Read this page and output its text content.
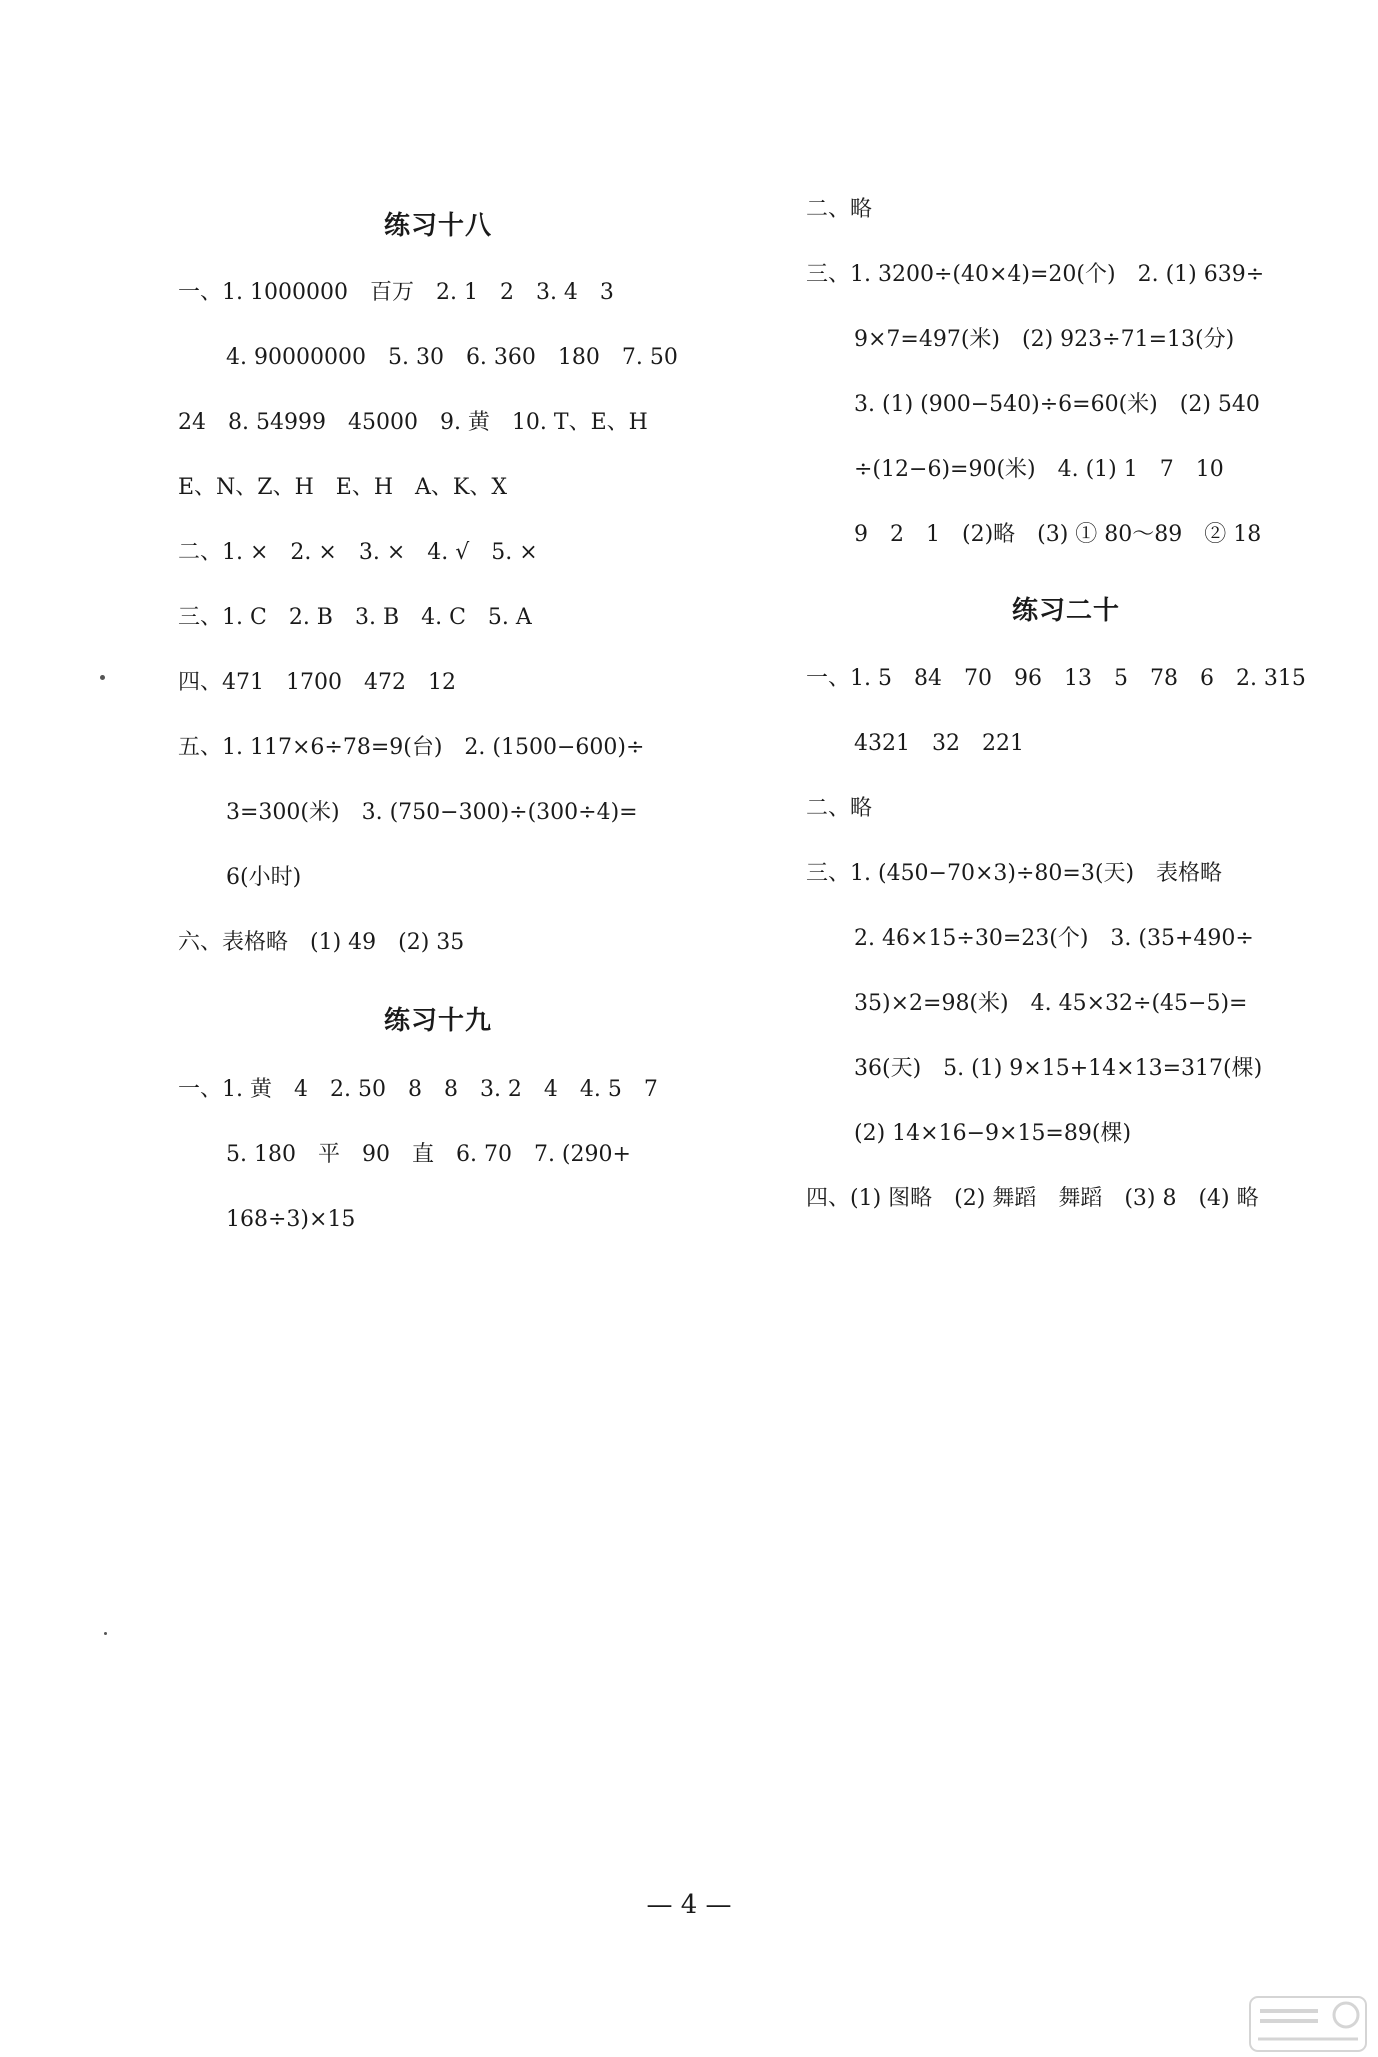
练习十八
一、1. 1000000　百万　2. 1　2　3. 4　3
4. 90000000　5. 30　6. 360　180　7. 50
24　8. 54999　45000　9. 黄　10. T、E、H
E、N、Z、H　E、H　A、K、X
二、1. ×　2. ×　3. ×　4. √　5. ×
三、1. C　2. B　3. B　4. C　5. A
四、471　1700　472　12
五、1. 117×6÷78=9(台)　2. (1500−600)÷
3=300(米)　3. (750−300)÷(300÷4)=
6(小时)
六、表格略　(1) 49　(2) 35
练习十九
一、1. 黄　4　2. 50　8　8　3. 2　4　4. 5　7
5. 180　平　90　直　6. 70　7. (290+
168÷3)×15
二、略
三、1. 3200÷(40×4)=20(个)　2. (1) 639÷
9×7=497(米)　(2) 923÷71=13(分)
3. (1) (900−540)÷6=60(米)　(2) 540
÷(12−6)=90(米)　4. (1) 1　7　10
9　2　1　(2)略　(3) ① 80～89　② 18
练习二十
一、1. 5　84　70　96　13　5　78　6　2. 315
4321　32　221
二、略
三、1. (450−70×3)÷80=3(天)　表格略
2. 46×15÷30=23(个)　3. (35+490÷
35)×2=98(米)　4. 45×32÷(45−5)=
36(天)　5. (1) 9×15+14×13=317(棵)
(2) 14×16−9×15=89(棵)
四、(1) 图略　(2) 舞蹈　舞蹈　(3) 8　(4) 略
— 4 —
